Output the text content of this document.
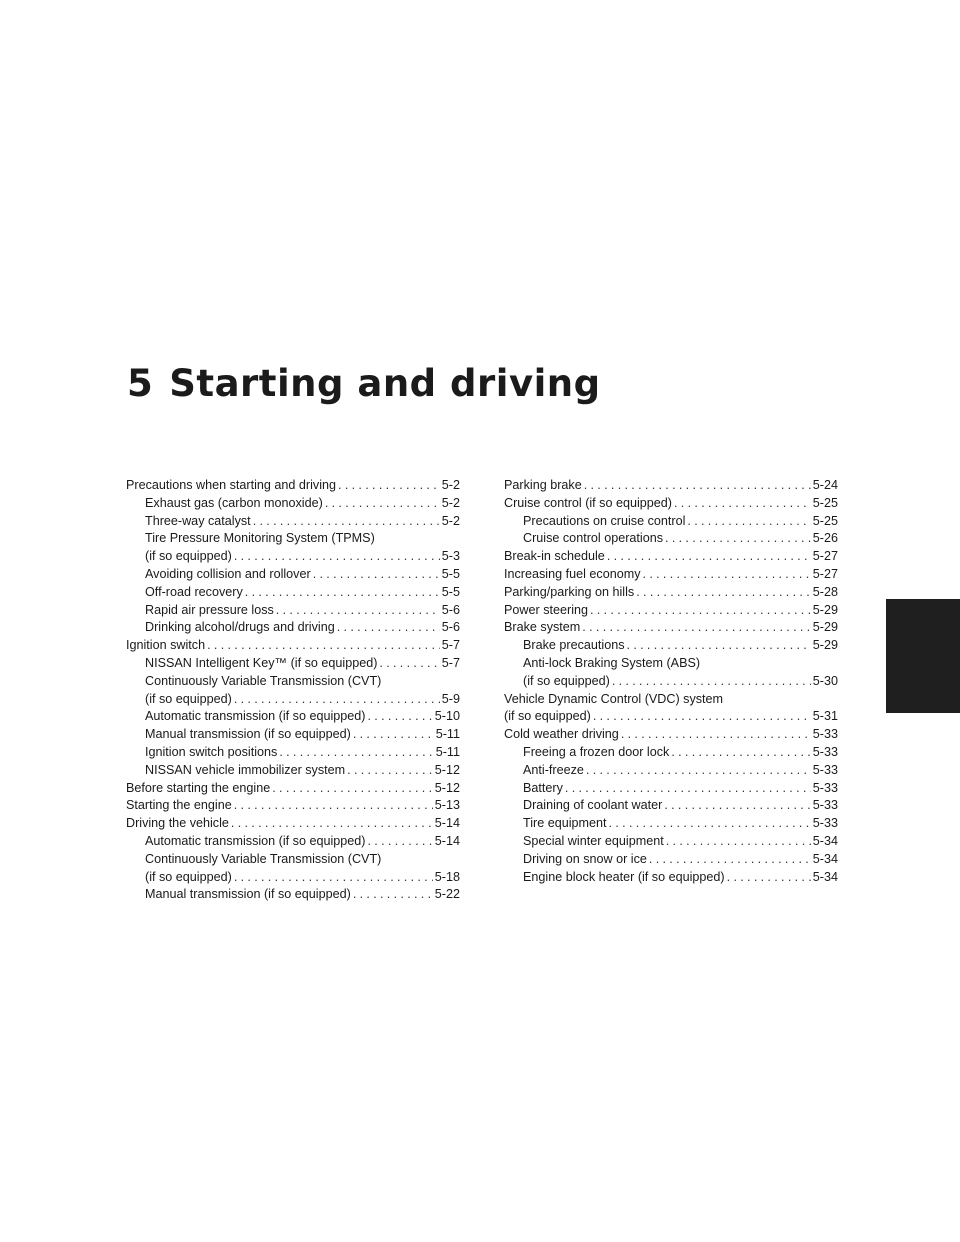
5 Starting and driving
Precautions when starting and driving .....	5-2
Exhaust gas (carbon monoxide) .....	5-2
Three-way catalyst .....	5-2
Tire Pressure Monitoring System (TPMS)
(if so equipped) .....	5-3
Avoiding collision and rollover .....	5-5
Off-road recovery .....	5-5
Rapid air pressure loss .....	5-6
Drinking alcohol/drugs and driving .....	5-6
Ignition switch .....	5-7
NISSAN Intelligent Key™ (if so equipped) .....	5-7
Continuously Variable Transmission (CVT)
(if so equipped) .....	5-9
Automatic transmission (if so equipped) .....	5-10
Manual transmission (if so equipped) .....	5-11
Ignition switch positions .....	5-11
NISSAN vehicle immobilizer system .....	5-12
Before starting the engine .....	5-12
Starting the engine .....	5-13
Driving the vehicle .....	5-14
Automatic transmission (if so equipped) .....	5-14
Continuously Variable Transmission (CVT)
(if so equipped) .....	5-18
Manual transmission (if so equipped) .....	5-22
Parking brake .....	5-24
Cruise control (if so equipped) .....	5-25
Precautions on cruise control .....	5-25
Cruise control operations .....	5-26
Break-in schedule .....	5-27
Increasing fuel economy .....	5-27
Parking/parking on hills .....	5-28
Power steering .....	5-29
Brake system .....	5-29
Brake precautions .....	5-29
Anti-lock Braking System (ABS)
(if so equipped) .....	5-30
Vehicle Dynamic Control (VDC) system
(if so equipped) .....	5-31
Cold weather driving .....	5-33
Freeing a frozen door lock .....	5-33
Anti-freeze .....	5-33
Battery .....	5-33
Draining of coolant water .....	5-33
Tire equipment .....	5-33
Special winter equipment .....	5-34
Driving on snow or ice .....	5-34
Engine block heater (if so equipped) .....	5-34
